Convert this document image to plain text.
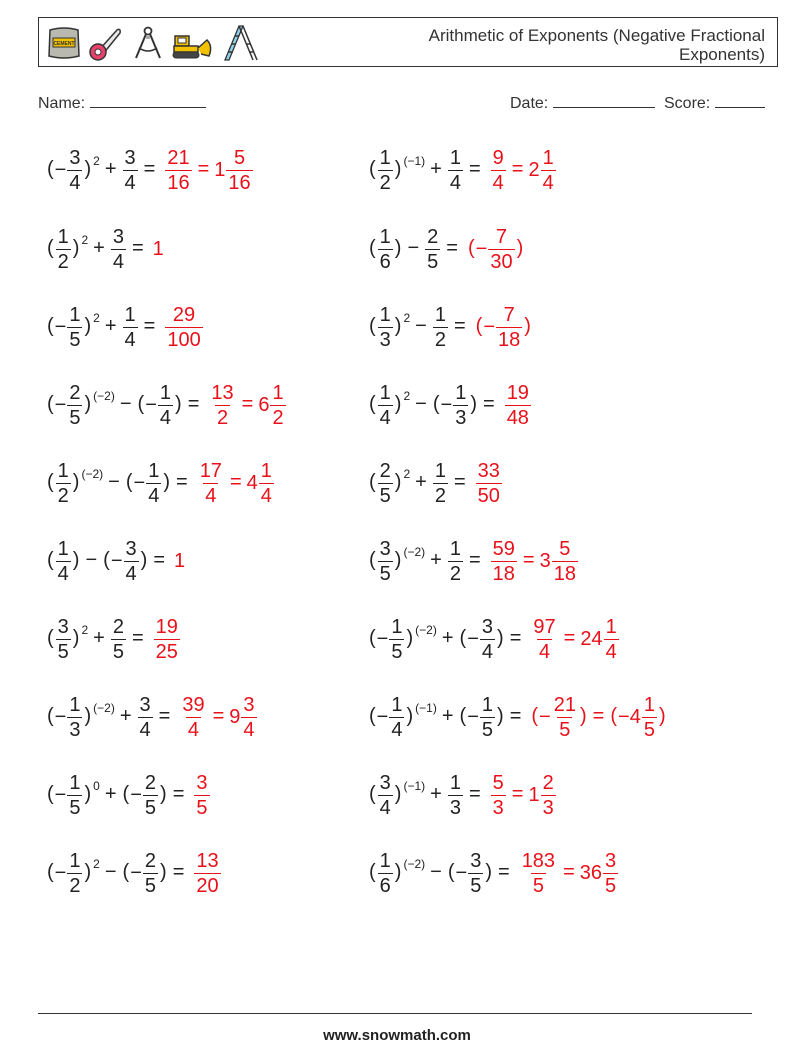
CEMENT	Arithmetic of Exponents (Negative Fractional Exponents)
Name:	Date:	Score:
(− $\frac{3}{4}$ ) $^2 + \frac{3}{4} = \frac{21}{16} = 1 \frac{5}{16}$
( $\frac{1}{2}$ ) $^2 + \frac{3}{4} = 1$
(− $\frac{1}{5}$ ) $^2 + \frac{1}{4} = \frac{29}{100}$
(− $\frac{2}{5}$ ) $^{(-2)}$ − (− $\frac{1}{4}$ ) = $\frac{13}{2} = 6 \frac{1}{2}$
( $\frac{1}{2}$ ) $^{(-2)}$ − (− $\frac{1}{4}$ ) = $\frac{17}{4} = 4 \frac{1}{4}$
( $\frac{1}{4}$ ) − (− $\frac{3}{4}$ ) = 1
( $\frac{3}{5}$ ) $^2 + \frac{2}{5} = \frac{19}{25}$
(− $\frac{1}{3}$ ) $^{(-2)} + \frac{3}{4} = \frac{39}{4} = 9 \frac{3}{4}$
(− $\frac{1}{5}$ ) $^0$ + (− $\frac{2}{5}$ ) = $\frac{3}{5}$
(− $\frac{1}{2}$ ) $^2$ − (− $\frac{2}{5}$ ) = $\frac{13}{20}$
( $\frac{1}{2}$ ) $^{(-1)} + \frac{1}{4} = \frac{9}{4} = 2 \frac{1}{4}$
( $\frac{1}{6}$ ) − $\frac{2}{5}$ = (− $\frac{7}{30}$ )
( $\frac{1}{3}$ ) $^2 - \frac{1}{2}$ = (− $\frac{7}{18}$ )
( $\frac{1}{4}$ ) $^2$ − (− $\frac{1}{3}$ ) = $\frac{19}{48}$
( $\frac{2}{5}$ ) $^2 + \frac{1}{2} = \frac{33}{50}$
( $\frac{3}{5}$ ) $^{(-2)} + \frac{1}{2} = \frac{59}{18} = 3 \frac{5}{18}$
(− $\frac{1}{5}$ ) $^{(-2)}$ + (− $\frac{3}{4}$ ) = $\frac{97}{4} = 24 \frac{1}{4}$
(− $\frac{1}{4}$ ) $^{(-1)}$ + (− $\frac{1}{5}$ ) = (− $\frac{21}{5}$ ) = ($-4 \frac{1}{5}$ )
( $\frac{3}{4}$ ) $^{(-1)} + \frac{1}{3} = \frac{5}{3} = 1 \frac{2}{3}$
( $\frac{1}{6}$ ) $^{(-2)}$ − (− $\frac{3}{5}$ ) = $\frac{183}{5} = 36 \frac{3}{5}$
www.snowmath.com
